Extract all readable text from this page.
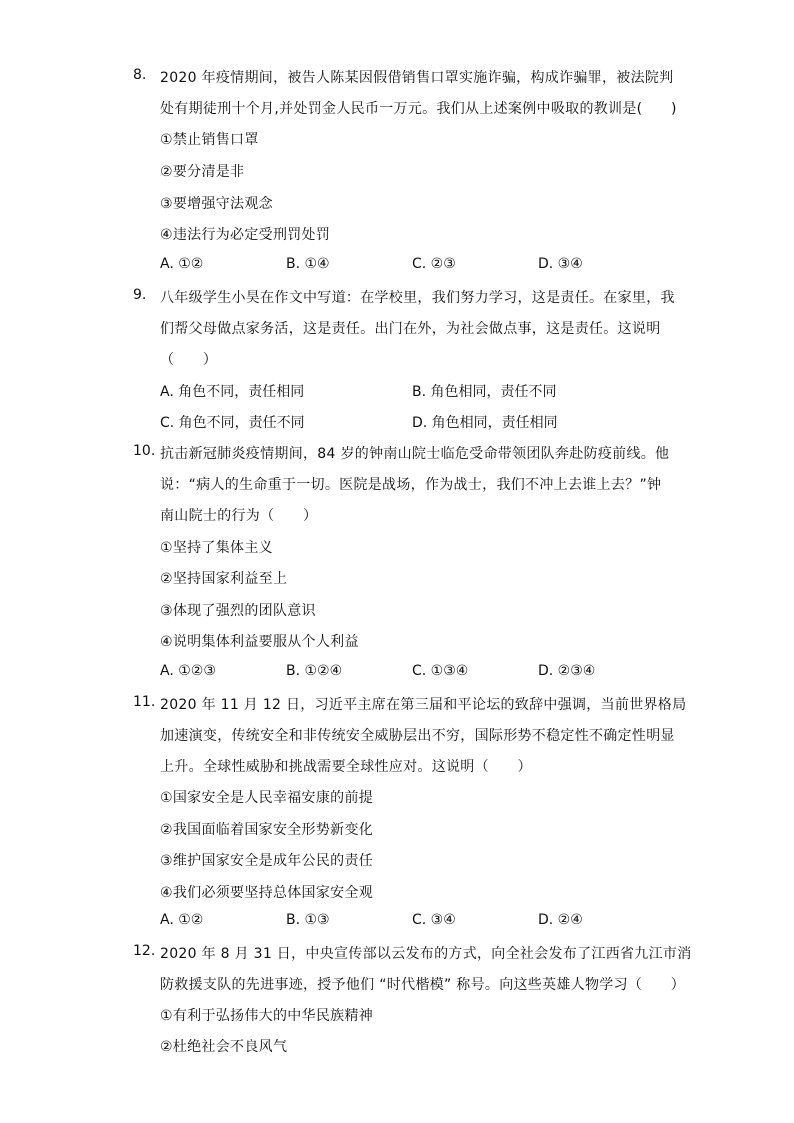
8. 2020 年疫情期间，被告人陈某因假借销售口罩实施诈骗，构成诈骗罪，被法院判
处有期徒刑十个月,并处罚金人民币一万元。我们从上述案例中吸取的教训是(　　)
①禁止销售口罩
②要分清是非
③要增强守法观念
④违法行为必定受刑罚处罚
A. ①②	B. ①④	C. ②③	D. ③④
9. 八年级学生小昊在作文中写道：在学校里，我们努力学习，这是责任。在家里，我
们帮父母做点家务活，这是责任。出门在外，为社会做点事，这是责任。这说明
（　　）
A. 角色不同，责任相同	B. 角色相同，责任不同
C. 角色不同，责任不同	D. 角色相同，责任相同
10. 抗击新冠肺炎疫情期间，84 岁的钟南山院士临危受命带领团队奔赴防疫前线。他
说：“病人的生命重于一切。医院是战场，作为战士，我们不冲上去谁上去？”钟
南山院士的行为（　　）
①坚持了集体主义
②坚持国家利益至上
③体现了强烈的团队意识
④说明集体利益要服从个人利益
A. ①②③	B. ①②④	C. ①③④	D. ②③④
11. 2020 年 11 月 12 日，习近平主席在第三届和平论坛的致辞中强调，当前世界格局
加速演变，传统安全和非传统安全威胁层出不穷，国际形势不稳定性不确定性明显
上升。全球性威胁和挑战需要全球性应对。这说明（　　）
①国家安全是人民幸福安康的前提
②我国面临着国家安全形势新变化
③维护国家安全是成年公民的责任
④我们必须要坚持总体国家安全观
A. ①②	B. ①③	C. ③④	D. ②④
12. 2020 年 8 月 31 日，中央宣传部以云发布的方式，向全社会发布了江西省九江市消
防救援支队的先进事迹，授予他们 “时代楷模” 称号。向这些英雄人物学习（　　）
①有利于弘扬伟大的中华民族精神
②杜绝社会不良风气
